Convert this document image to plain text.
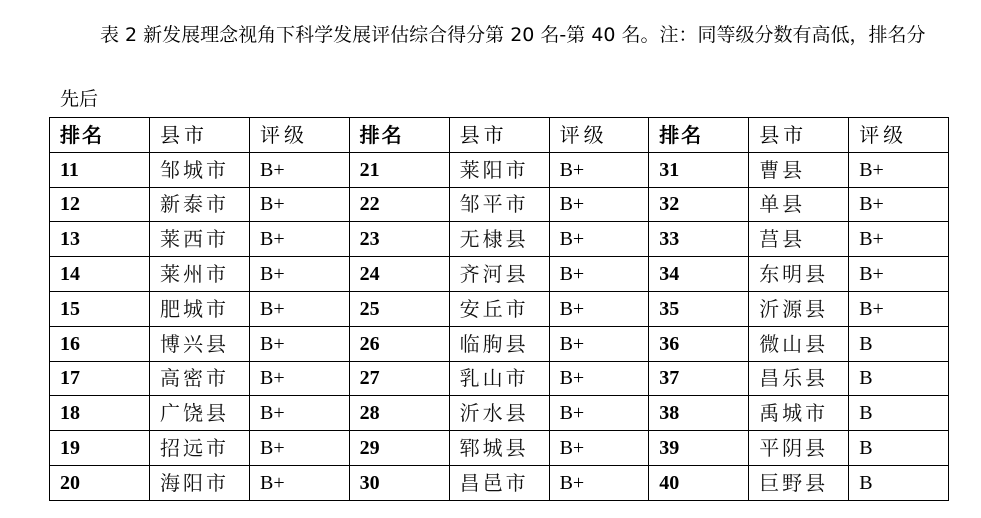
表 2 新发展理念视角下科学发展评估综合得分第 20 名-第 40 名。注：同等级分数有高低，排名分
先后
排名	县市	评级	排名	县市	评级	排名	县市	评级
11	邹城市	B+	21	莱阳市	B+	31	曹县	B+
12	新泰市	B+	22	邹平市	B+	32	单县	B+
13	莱西市	B+	23	无棣县	B+	33	莒县	B+
14	莱州市	B+	24	齐河县	B+	34	东明县	B+
15	肥城市	B+	25	安丘市	B+	35	沂源县	B+
16	博兴县	B+	26	临朐县	B+	36	微山县	B
17	高密市	B+	27	乳山市	B+	37	昌乐县	B
18	广饶县	B+	28	沂水县	B+	38	禹城市	B
19	招远市	B+	29	郓城县	B+	39	平阴县	B
20	海阳市	B+	30	昌邑市	B+	40	巨野县	B
